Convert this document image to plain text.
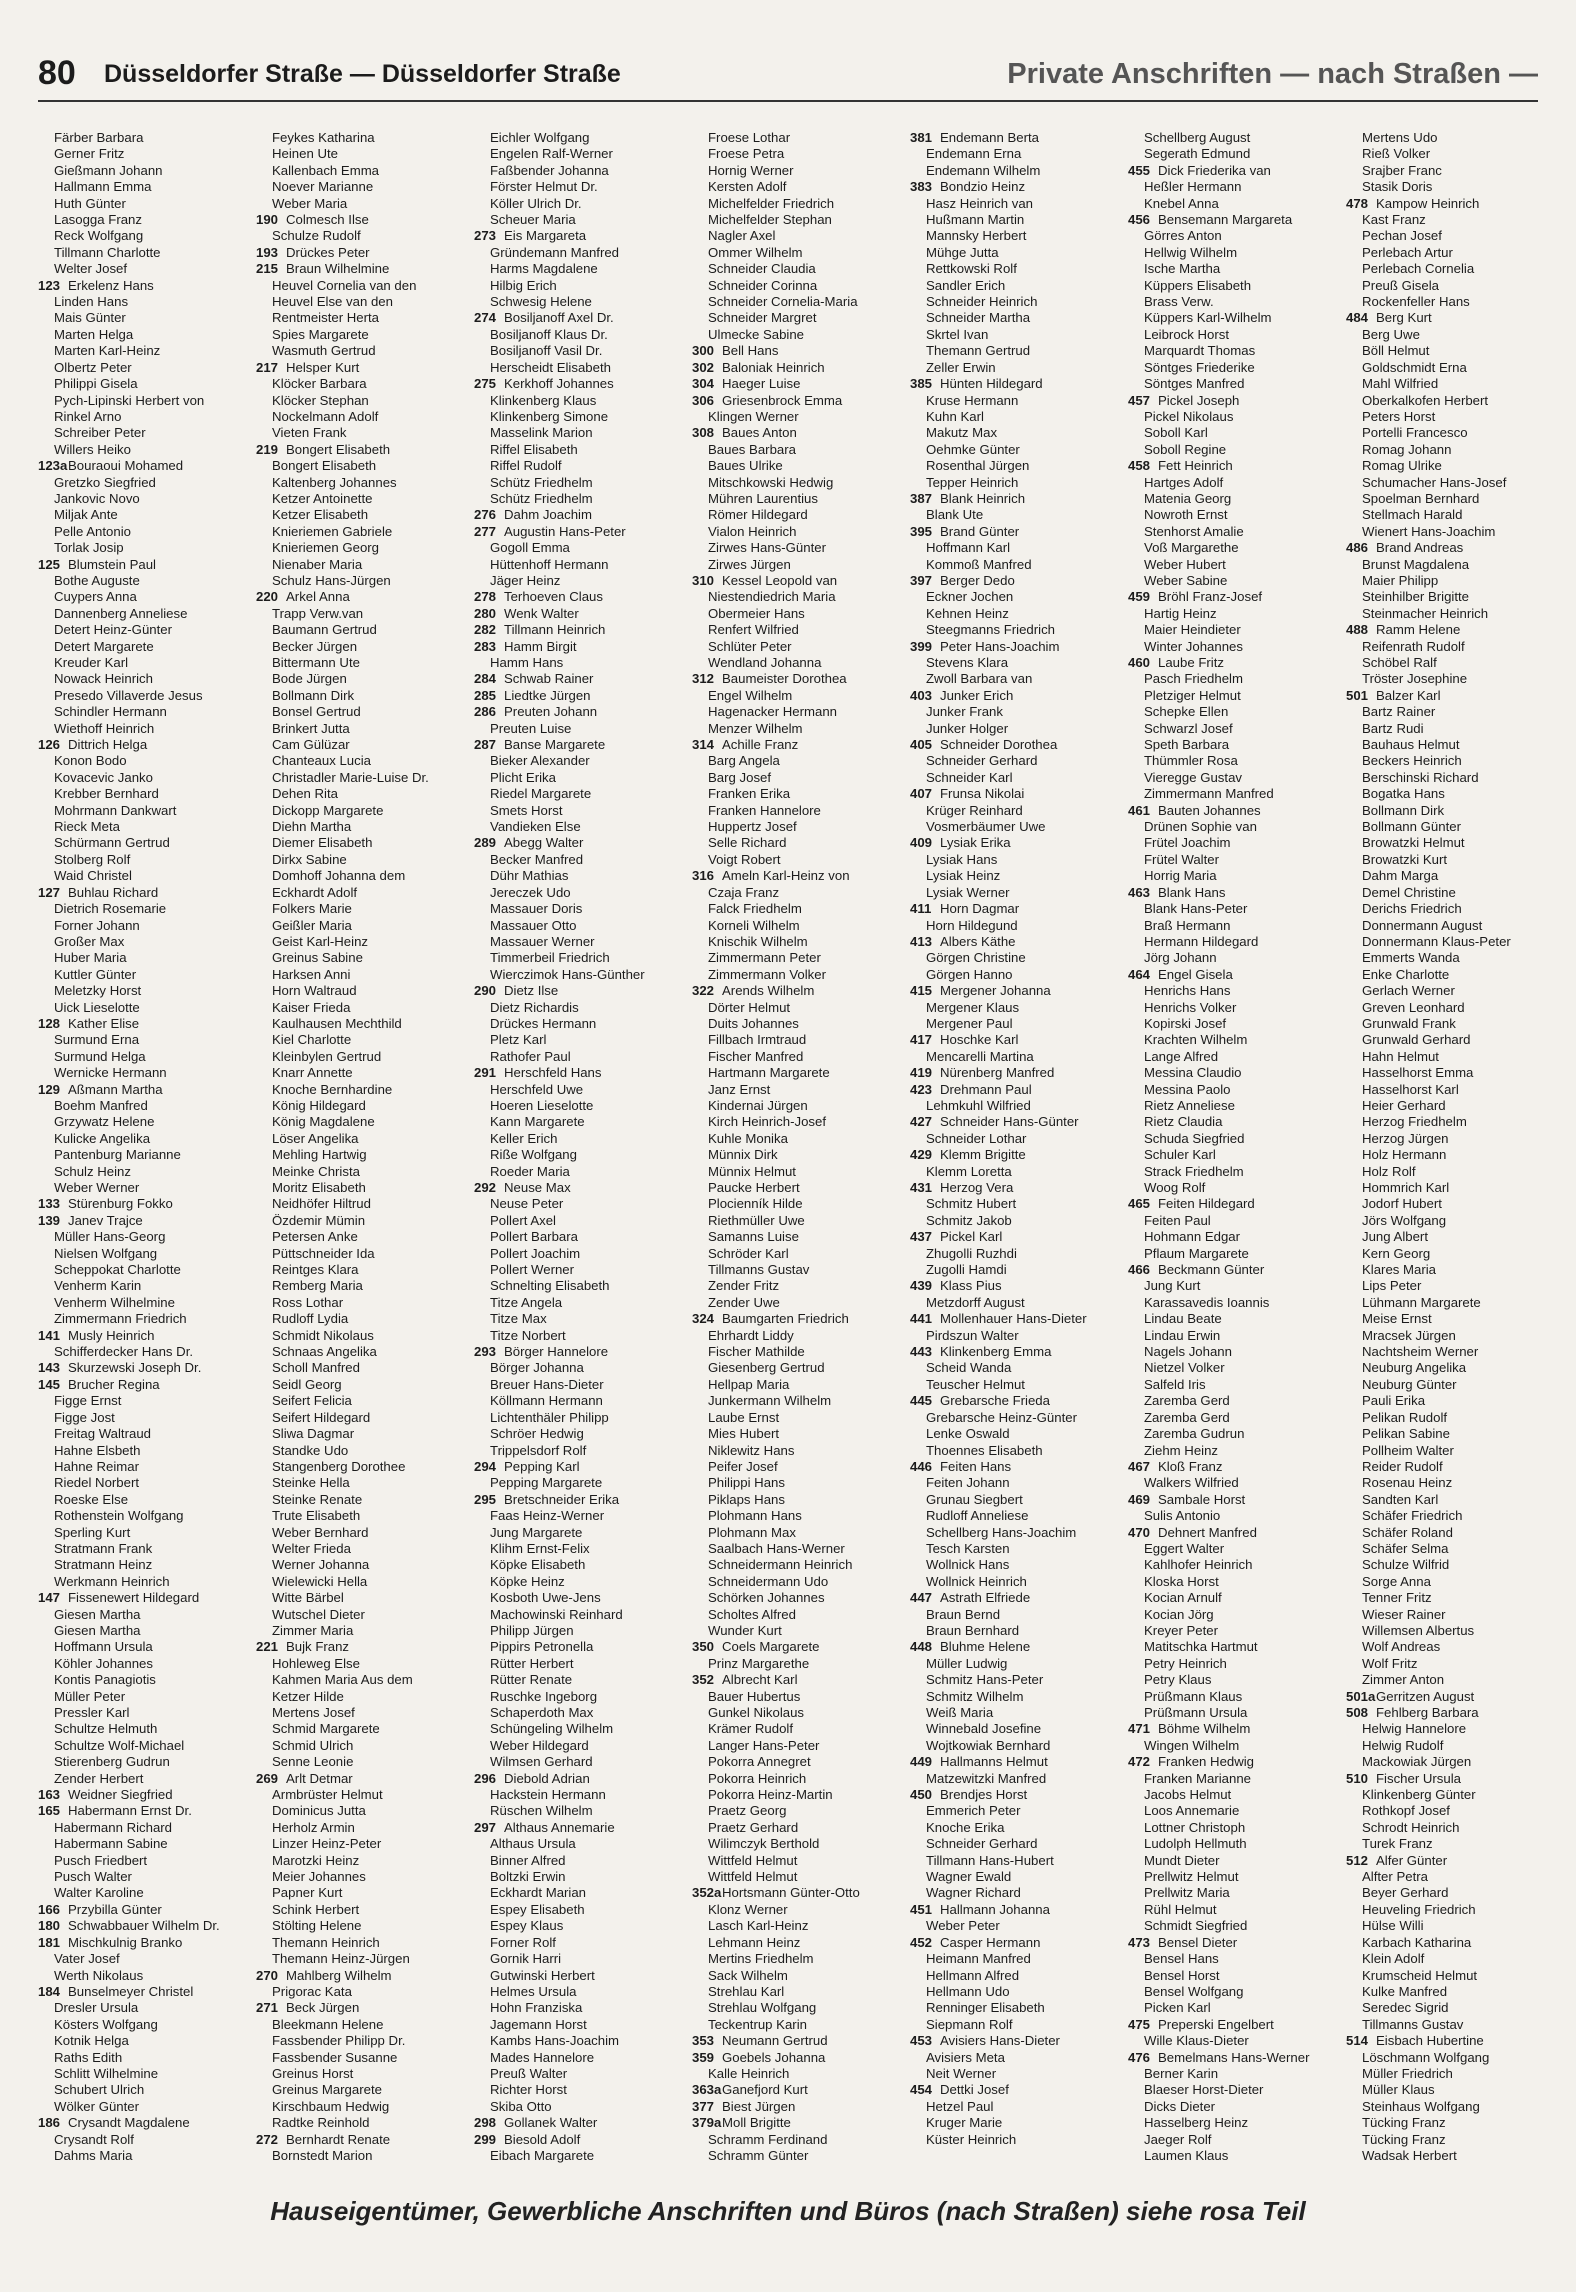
80 Düsseldorfer Straße — Düsseldorfer Straße	Private Anschriften — nach Straßen —
Färber Barbara
Gerner Fritz
Gießmann Johann
Hallmann Emma
Huth Günter
Lasogga Franz
Reck Wolfgang
Tillmann Charlotte
Welter Josef
123 Erkelenz Hans
Linden Hans
Mais Günter
Marten Helga
Marten Karl-Heinz
Olbertz Peter
Philippi Gisela
Pych-Lipinski Herbert von
Rinkel Arno
Schreiber Peter
Willers Heiko
123aBouraoui Mohamed
Gretzko Siegfried
Jankovic Novo
Miljak Ante
Pelle Antonio
Torlak Josip
125 Blumstein Paul
Bothe Auguste
Cuypers Anna
Dannenberg Anneliese
Detert Heinz-Günter
Detert Margarete
Kreuder Karl
Nowack Heinrich
Presedo Villaverde Jesus
Schindler Hermann
Wiethoff Heinrich
126 Dittrich Helga
Konon Bodo
Kovacevic Janko
Krebber Bernhard
Mohrmann Dankwart
Rieck Meta
Schürmann Gertrud
Stolberg Rolf
Waid Christel
127 Buhlau Richard
Dietrich Rosemarie
Forner Johann
Großer Max
Huber Maria
Kuttler Günter
Meletzky Horst
Uick Lieselotte
128 Kather Elise
Surmund Erna
Surmund Helga
Wernicke Hermann
129 Aßmann Martha
Boehm Manfred
Grzywatz Helene
Kulicke Angelika
Pantenburg Marianne
Schulz Heinz
Weber Werner
133 Stürenburg Fokko
139 Janev Trajce
Müller Hans-Georg
Nielsen Wolfgang
Scheppokat Charlotte
Venherm Karin
Venherm Wilhelmine
Zimmermann Friedrich
141 Musly Heinrich
Schifferdecker Hans Dr.
143 Skurzewski Joseph Dr.
145 Brucher Regina
Figge Ernst
Figge Jost
Freitag Waltraud
Hahne Elsbeth
Hahne Reimar
Riedel Norbert
Roeske Else
Rothenstein Wolfgang
Sperling Kurt
Stratmann Frank
Stratmann Heinz
Werkmann Heinrich
147 Fissenewert Hildegard
Giesen Martha
Giesen Martha
Hoffmann Ursula
Köhler Johannes
Kontis Panagiotis
Müller Peter
Pressler Karl
Schultze Helmuth
Schultze Wolf-Michael
Stierenberg Gudrun
Zender Herbert
163 Weidner Siegfried
165 Habermann Ernst Dr.
Habermann Richard
Habermann Sabine
Pusch Friedbert
Pusch Walter
Walter Karoline
166 Przybilla Günter
180 Schwabbauer Wilhelm Dr.
181 Mischkulnig Branko
Vater Josef
Werth Nikolaus
184 Bunselmeyer Christel
Dresler Ursula
Kösters Wolfgang
Kotnik Helga
Raths Edith
Schlitt Wilhelmine
Schubert Ulrich
Wölker Günter
186 Crysandt Magdalene
Crysandt Rolf
Dahms Maria
Feykes Katharina
Heinen Ute
Kallenbach Emma
Noever Marianne
Weber Maria
190 Colmesch Ilse
Schulze Rudolf
193 Drückes Peter
215 Braun Wilhelmine
Heuvel Cornelia van den
Heuvel Else van den
Rentmeister Herta
Spies Margarete
Wasmuth Gertrud
217 Helsper Kurt
Klöcker Barbara
Klöcker Stephan
Nockelmann Adolf
Vieten Frank
219 Bongert Elisabeth
Bongert Elisabeth
Kaltenberg Johannes
Ketzer Antoinette
Ketzer Elisabeth
Knieriemen Gabriele
Knieriemen Georg
Nienaber Maria
Schulz Hans-Jürgen
220 Arkel Anna
Trapp Verw.van
Baumann Gertrud
Becker Jürgen
Bittermann Ute
Bode Jürgen
Bollmann Dirk
Bonsel Gertrud
Brinkert Jutta
Cam Gülüzar
Chanteaux Lucia
Christadler Marie-Luise Dr.
Dehen Rita
Dickopp Margarete
Diehn Martha
Diemer Elisabeth
Dirkx Sabine
Domhoff Johanna dem
Eckhardt Adolf
Folkers Marie
Geißler Maria
Geist Karl-Heinz
Greinus Sabine
Harksen Anni
Horn Waltraud
Kaiser Frieda
Kaulhausen Mechthild
Kiel Charlotte
Kleinbylen Gertrud
Knarr Annette
Knoche Bernhardine
König Hildegard
König Magdalene
Löser Angelika
Mehling Hartwig
Meinke Christa
Moritz Elisabeth
Neidhöfer Hiltrud
Özdemir Mümin
Petersen Anke
Püttschneider Ida
Reintges Klara
Remberg Maria
Ross Lothar
Rudloff Lydia
Schmidt Nikolaus
Schnaas Angelika
Scholl Manfred
Seidl Georg
Seifert Felicia
Seifert Hildegard
Sliwa Dagmar
Standke Udo
Stangenberg Dorothee
Steinke Hella
Steinke Renate
Trute Elisabeth
Weber Bernhard
Welter Frieda
Werner Johanna
Wielewicki Hella
Witte Bärbel
Wutschel Dieter
Zimmer Maria
221 Bujk Franz
Hohleweg Else
Kahmen Maria Aus dem
Ketzer Hilde
Mertens Josef
Schmid Margarete
Schmid Ulrich
Senne Leonie
269 Arlt Detmar
Armbrüster Helmut
Dominicus Jutta
Herholz Armin
Linzer Heinz-Peter
Marotzki Heinz
Meier Johannes
Papner Kurt
Schink Herbert
Stölting Helene
Themann Heinrich
Themann Heinz-Jürgen
270 Mahlberg Wilhelm
Prigorac Kata
271 Beck Jürgen
Bleekmann Helene
Fassbender Philipp Dr.
Fassbender Susanne
Greinus Horst
Greinus Margarete
Kirschbaum Hedwig
Radtke Reinhold
272 Bernhardt Renate
Bornstedt Marion
Eichler Wolfgang
Engelen Ralf-Werner
Faßbender Johanna
Förster Helmut Dr.
Köller Ulrich Dr.
Scheuer Maria
273 Eis Margareta
Gründemann Manfred
Harms Magdalene
Hilbig Erich
Schwesig Helene
274 Bosiljanoff Axel Dr.
Bosiljanoff Klaus Dr.
Bosiljanoff Vasil Dr.
Herscheidt Elisabeth
275 Kerkhoff Johannes
Klinkenberg Klaus
Klinkenberg Simone
Masselink Marion
Riffel Elisabeth
Riffel Rudolf
Schütz Friedhelm
Schütz Friedhelm
276 Dahm Joachim
277 Augustin Hans-Peter
Gogoll Emma
Hüttenhoff Hermann
Jäger Heinz
278 Terhoeven Claus
280 Wenk Walter
282 Tillmann Heinrich
283 Hamm Birgit
Hamm Hans
284 Schwab Rainer
285 Liedtke Jürgen
286 Preuten Johann
Preuten Luise
287 Banse Margarete
Bieker Alexander
Plicht Erika
Riedel Margarete
Smets Horst
Vandieken Else
289 Abegg Walter
Becker Manfred
Dühr Mathias
Jereczek Udo
Massauer Doris
Massauer Otto
Massauer Werner
Timmerbeil Friedrich
Wierczimok Hans-Günther
290 Dietz Ilse
Dietz Richardis
Drückes Hermann
Pletz Karl
Rathofer Paul
291 Herschfeld Hans
Herschfeld Uwe
Hoeren Lieselotte
Kann Margarete
Keller Erich
Riße Wolfgang
Roeder Maria
292 Neuse Max
Neuse Peter
Pollert Axel
Pollert Barbara
Pollert Joachim
Pollert Werner
Schnelting Elisabeth
Titze Angela
Titze Max
Titze Norbert
293 Börger Hannelore
Börger Johanna
Breuer Hans-Dieter
Köllmann Hermann
Lichtenthäler Philipp
Schröer Hedwig
Trippelsdorf Rolf
294 Pepping Karl
Pepping Margarete
295 Bretschneider Erika
Faas Heinz-Werner
Jung Margarete
Klihm Ernst-Felix
Köpke Elisabeth
Köpke Heinz
Kosboth Uwe-Jens
Machowinski Reinhard
Philipp Jürgen
Pippirs Petronella
Rütter Herbert
Rütter Renate
Ruschke Ingeborg
Schaperdoth Max
Schüngeling Wilhelm
Weber Hildegard
Wilmsen Gerhard
296 Diebold Adrian
Hackstein Hermann
Rüschen Wilhelm
297 Althaus Annemarie
Althaus Ursula
Binner Alfred
Boltzki Erwin
Eckhardt Marian
Espey Elisabeth
Espey Klaus
Forner Rolf
Gornik Harri
Gutwinski Herbert
Helmes Ursula
Hohn Franziska
Jagemann Horst
Kambs Hans-Joachim
Mades Hannelore
Preuß Walter
Richter Horst
Skiba Otto
298 Gollanek Walter
299 Biesold Adolf
Eibach Margarete
Froese Lothar
Froese Petra
Hornig Werner
Kersten Adolf
Michelfelder Friedrich
Michelfelder Stephan
Nagler Axel
Ommer Wilhelm
Schneider Claudia
Schneider Corinna
Schneider Cornelia-Maria
Schneider Margret
Ulmecke Sabine
300 Bell Hans
302 Baloniak Heinrich
304 Haeger Luise
306 Griesenbrock Emma
Klingen Werner
308 Baues Anton
Baues Barbara
Baues Ulrike
Mitschkowski Hedwig
Mühren Laurentius
Römer Hildegard
Vialon Heinrich
Zirwes Hans-Günter
Zirwes Jürgen
310 Kessel Leopold van
Niestendiedrich Maria
Obermeier Hans
Renfert Wilfried
Schlüter Peter
Wendland Johanna
312 Baumeister Dorothea
Engel Wilhelm
Hagenacker Hermann
Menzer Wilhelm
314 Achille Franz
Barg Angela
Barg Josef
Franken Erika
Franken Hannelore
Huppertz Josef
Selle Richard
Voigt Robert
316 Ameln Karl-Heinz von
Czaja Franz
Falck Friedhelm
Korneli Wilhelm
Knischik Wilhelm
Zimmermann Peter
Zimmermann Volker
322 Arends Wilhelm
Dörter Helmut
Duits Johannes
Fillbach Irmtraud
Fischer Manfred
Hartmann Margarete
Janz Ernst
Kindernai Jürgen
Kirch Heinrich-Josef
Kuhle Monika
Münnix Dirk
Münnix Helmut
Paucke Herbert
Plocienník Hilde
Riethmüller Uwe
Samanns Luise
Schröder Karl
Tillmanns Gustav
Zender Fritz
Zender Uwe
324 Baumgarten Friedrich
Ehrhardt Liddy
Fischer Mathilde
Giesenberg Gertrud
Hellpap Maria
Junkermann Wilhelm
Laube Ernst
Mies Hubert
Niklewitz Hans
Peifer Josef
Philippi Hans
Piklaps Hans
Plohmann Hans
Plohmann Max
Saalbach Hans-Werner
Schneidermann Heinrich
Schneidermann Udo
Schörken Johannes
Scholtes Alfred
Wunder Kurt
350 Coels Margarete
Prinz Margarethe
352 Albrecht Karl
Bauer Hubertus
Gunkel Nikolaus
Krämer Rudolf
Langer Hans-Peter
Pokorra Annegret
Pokorra Heinrich
Pokorra Heinz-Martin
Praetz Georg
Praetz Gerhard
Wilimczyk Berthold
Wittfeld Helmut
Wittfeld Helmut
352aHortsmann Günter-Otto
Klonz Werner
Lasch Karl-Heinz
Lehmann Heinz
Mertins Friedhelm
Sack Wilhelm
Strehlau Karl
Strehlau Wolfgang
Teckentrup Karin
353 Neumann Gertrud
359 Goebels Johanna
Kalle Heinrich
363aGanefjord Kurt
377 Biest Jürgen
379aMoll Brigitte
Schramm Ferdinand
Schramm Günter
381 Endemann Berta
Endemann Erna
Endemann Wilhelm
383 Bondzio Heinz
Hasz Heinrich van
Hußmann Martin
Mannsky Herbert
Mühge Jutta
Rettkowski Rolf
Sandler Erich
Schneider Heinrich
Schneider Martha
Skrtel Ivan
Themann Gertrud
Zeller Erwin
385 Hünten Hildegard
Kruse Hermann
Kuhn Karl
Makutz Max
Oehmke Günter
Rosenthal Jürgen
Tepper Heinrich
387 Blank Heinrich
Blank Ute
395 Brand Günter
Hoffmann Karl
Kommoß Manfred
397 Berger Dedo
Eckner Jochen
Kehnen Heinz
Steegmanns Friedrich
399 Peter Hans-Joachim
Stevens Klara
Zwoll Barbara van
403 Junker Erich
Junker Frank
Junker Holger
405 Schneider Dorothea
Schneider Gerhard
Schneider Karl
407 Frunsa Nikolai
Krüger Reinhard
Vosmerbäumer Uwe
409 Lysiak Erika
Lysiak Hans
Lysiak Heinz
Lysiak Werner
411 Horn Dagmar
Horn Hildegund
413 Albers Käthe
Görgen Christine
Görgen Hanno
415 Mergener Johanna
Mergener Klaus
Mergener Paul
417 Hoschke Karl
Mencarelli Martina
419 Nürenberg Manfred
423 Drehmann Paul
Lehmkuhl Wilfried
427 Schneider Hans-Günter
Schneider Lothar
429 Klemm Brigitte
Klemm Loretta
431 Herzog Vera
Schmitz Hubert
Schmitz Jakob
437 Pickel Karl
Zhugolli Ruzhdi
Zugolli Hamdi
439 Klass Pius
Metzdorff August
441 Mollenhauer Hans-Dieter
Pirdszun Walter
443 Klinkenberg Emma
Scheid Wanda
Teuscher Helmut
445 Grebarsche Frieda
Grebarsche Heinz-Günter
Lenke Oswald
Thoennes Elisabeth
446 Feiten Hans
Feiten Johann
Grunau Siegbert
Rudloff Anneliese
Schellberg Hans-Joachim
Tesch Karsten
Wollnick Hans
Wollnick Heinrich
447 Astrath Elfriede
Braun Bernd
Braun Bernhard
448 Bluhme Helene
Müller Ludwig
Schmitz Hans-Peter
Schmitz Wilhelm
Weiß Maria
Winnebald Josefine
Wojtkowiak Bernhard
449 Hallmanns Helmut
Matzewitzki Manfred
450 Brendjes Horst
Emmerich Peter
Knoche Erika
Schneider Gerhard
Tillmann Hans-Hubert
Wagner Ewald
Wagner Richard
451 Hallmann Johanna
Weber Peter
452 Casper Hermann
Heimann Manfred
Hellmann Alfred
Hellmann Udo
Renninger Elisabeth
Siepmann Rolf
453 Avisiers Hans-Dieter
Avisiers Meta
Neit Werner
454 Dettki Josef
Hetzel Paul
Kruger Marie
Küster Heinrich
Schellberg August
Segerath Edmund
455 Dick Friederika van
Heßler Hermann
Knebel Anna
456 Bensemann Margareta
Görres Anton
Hellwig Wilhelm
Ische Martha
Küppers Elisabeth
Brass Verw.
Küppers Karl-Wilhelm
Leibrock Horst
Marquardt Thomas
Söntges Friederike
Söntges Manfred
457 Pickel Joseph
Pickel Nikolaus
Soboll Karl
Soboll Regine
458 Fett Heinrich
Hartges Adolf
Matenia Georg
Nowroth Ernst
Stenhorst Amalie
Voß Margarethe
Weber Hubert
Weber Sabine
459 Bröhl Franz-Josef
Hartig Heinz
Maier Heindieter
Winter Johannes
460 Laube Fritz
Pasch Friedhelm
Pletziger Helmut
Schepke Ellen
Schwarzl Josef
Speth Barbara
Thümmler Rosa
Vieregge Gustav
Zimmermann Manfred
461 Bauten Johannes
Drünen Sophie van
Frütel Joachim
Frütel Walter
Horrig Maria
463 Blank Hans
Blank Hans-Peter
Braß Hermann
Hermann Hildegard
Jörg Johann
464 Engel Gisela
Henrichs Hans
Henrichs Volker
Kopirski Josef
Krachten Wilhelm
Lange Alfred
Messina Claudio
Messina Paolo
Rietz Anneliese
Rietz Claudia
Schuda Siegfried
Schuler Karl
Strack Friedhelm
Woog Rolf
465 Feiten Hildegard
Feiten Paul
Hohmann Edgar
Pflaum Margarete
466 Beckmann Günter
Jung Kurt
Karassavedis Ioannis
Lindau Beate
Lindau Erwin
Nagels Johann
Nietzel Volker
Salfeld Iris
Zaremba Gerd
Zaremba Gerd
Zaremba Gudrun
Ziehm Heinz
467 Kloß Franz
Walkers Wilfried
469 Sambale Horst
Sulis Antonio
470 Dehnert Manfred
Eggert Walter
Kahlhofer Heinrich
Kloska Horst
Kocian Arnulf
Kocian Jörg
Kreyer Peter
Matitschka Hartmut
Petry Heinrich
Petry Klaus
Prüßmann Klaus
Prüßmann Ursula
471 Böhme Wilhelm
Wingen Wilhelm
472 Franken Hedwig
Franken Marianne
Jacobs Helmut
Loos Annemarie
Lottner Christoph
Ludolph Hellmuth
Mundt Dieter
Prellwitz Helmut
Prellwitz Maria
Rühl Helmut
Schmidt Siegfried
473 Bensel Dieter
Bensel Hans
Bensel Horst
Bensel Wolfgang
Picken Karl
475 Preperski Engelbert
Wille Klaus-Dieter
476 Bemelmans Hans-Werner
Berner Karin
Blaeser Horst-Dieter
Dicks Dieter
Hasselberg Heinz
Jaeger Rolf
Laumen Klaus
Mertens Udo
Rieß Volker
Srajber Franc
Stasik Doris
478 Kampow Heinrich
Kast Franz
Pechan Josef
Perlebach Artur
Perlebach Cornelia
Preuß Gisela
Rockenfeller Hans
484 Berg Kurt
Berg Uwe
Böll Helmut
Goldschmidt Erna
Mahl Wilfried
Oberkalkofen Herbert
Peters Horst
Portelli Francesco
Romag Johann
Romag Ulrike
Schumacher Hans-Josef
Spoelman Bernhard
Stellmach Harald
Wienert Hans-Joachim
486 Brand Andreas
Brunst Magdalena
Maier Philipp
Steinhilber Brigitte
Steinmacher Heinrich
488 Ramm Helene
Reifenrath Rudolf
Schöbel Ralf
Tröster Josephine
501 Balzer Karl
Bartz Rainer
Bartz Rudi
Bauhaus Helmut
Beckers Heinrich
Berschinski Richard
Bogatka Hans
Bollmann Dirk
Bollmann Günter
Browatzki Helmut
Browatzki Kurt
Dahm Marga
Demel Christine
Derichs Friedrich
Donnermann August
Donnermann Klaus-Peter
Emmerts Wanda
Enke Charlotte
Gerlach Werner
Greven Leonhard
Grunwald Frank
Grunwald Gerhard
Hahn Helmut
Hasselhorst Emma
Hasselhorst Karl
Heier Gerhard
Herzog Friedhelm
Herzog Jürgen
Holz Hermann
Holz Rolf
Hommrich Karl
Jodorf Hubert
Jörs Wolfgang
Jung Albert
Kern Georg
Klares Maria
Lips Peter
Lühmann Margarete
Meise Ernst
Mracsek Jürgen
Nachtsheim Werner
Neuburg Angelika
Neuburg Günter
Pauli Erika
Pelikan Rudolf
Pelikan Sabine
Pollheim Walter
Reider Rudolf
Rosenau Heinz
Sandten Karl
Schäfer Friedrich
Schäfer Roland
Schäfer Selma
Schulze Wilfrid
Sorge Anna
Tenner Fritz
Wieser Rainer
Willemsen Albertus
Wolf Andreas
Wolf Fritz
Zimmer Anton
501aGerritzen August
508 Fehlberg Barbara
Helwig Hannelore
Helwig Rudolf
Mackowiak Jürgen
510 Fischer Ursula
Klinkenberg Günter
Rothkopf Josef
Schrodt Heinrich
Turek Franz
512 Alfer Günter
Alfter Petra
Beyer Gerhard
Heuveling Friedrich
Hülse Willi
Karbach Katharina
Klein Adolf
Krumscheid Helmut
Kulke Manfred
Seredec Sigrid
Tillmanns Gustav
514 Eisbach Hubertine
Löschmann Wolfgang
Müller Friedrich
Müller Klaus
Steinhaus Wolfgang
Tücking Franz
Tücking Franz
Wadsak Herbert
Hauseigentümer, Gewerbliche Anschriften und Büros (nach Straßen) siehe rosa Teil
